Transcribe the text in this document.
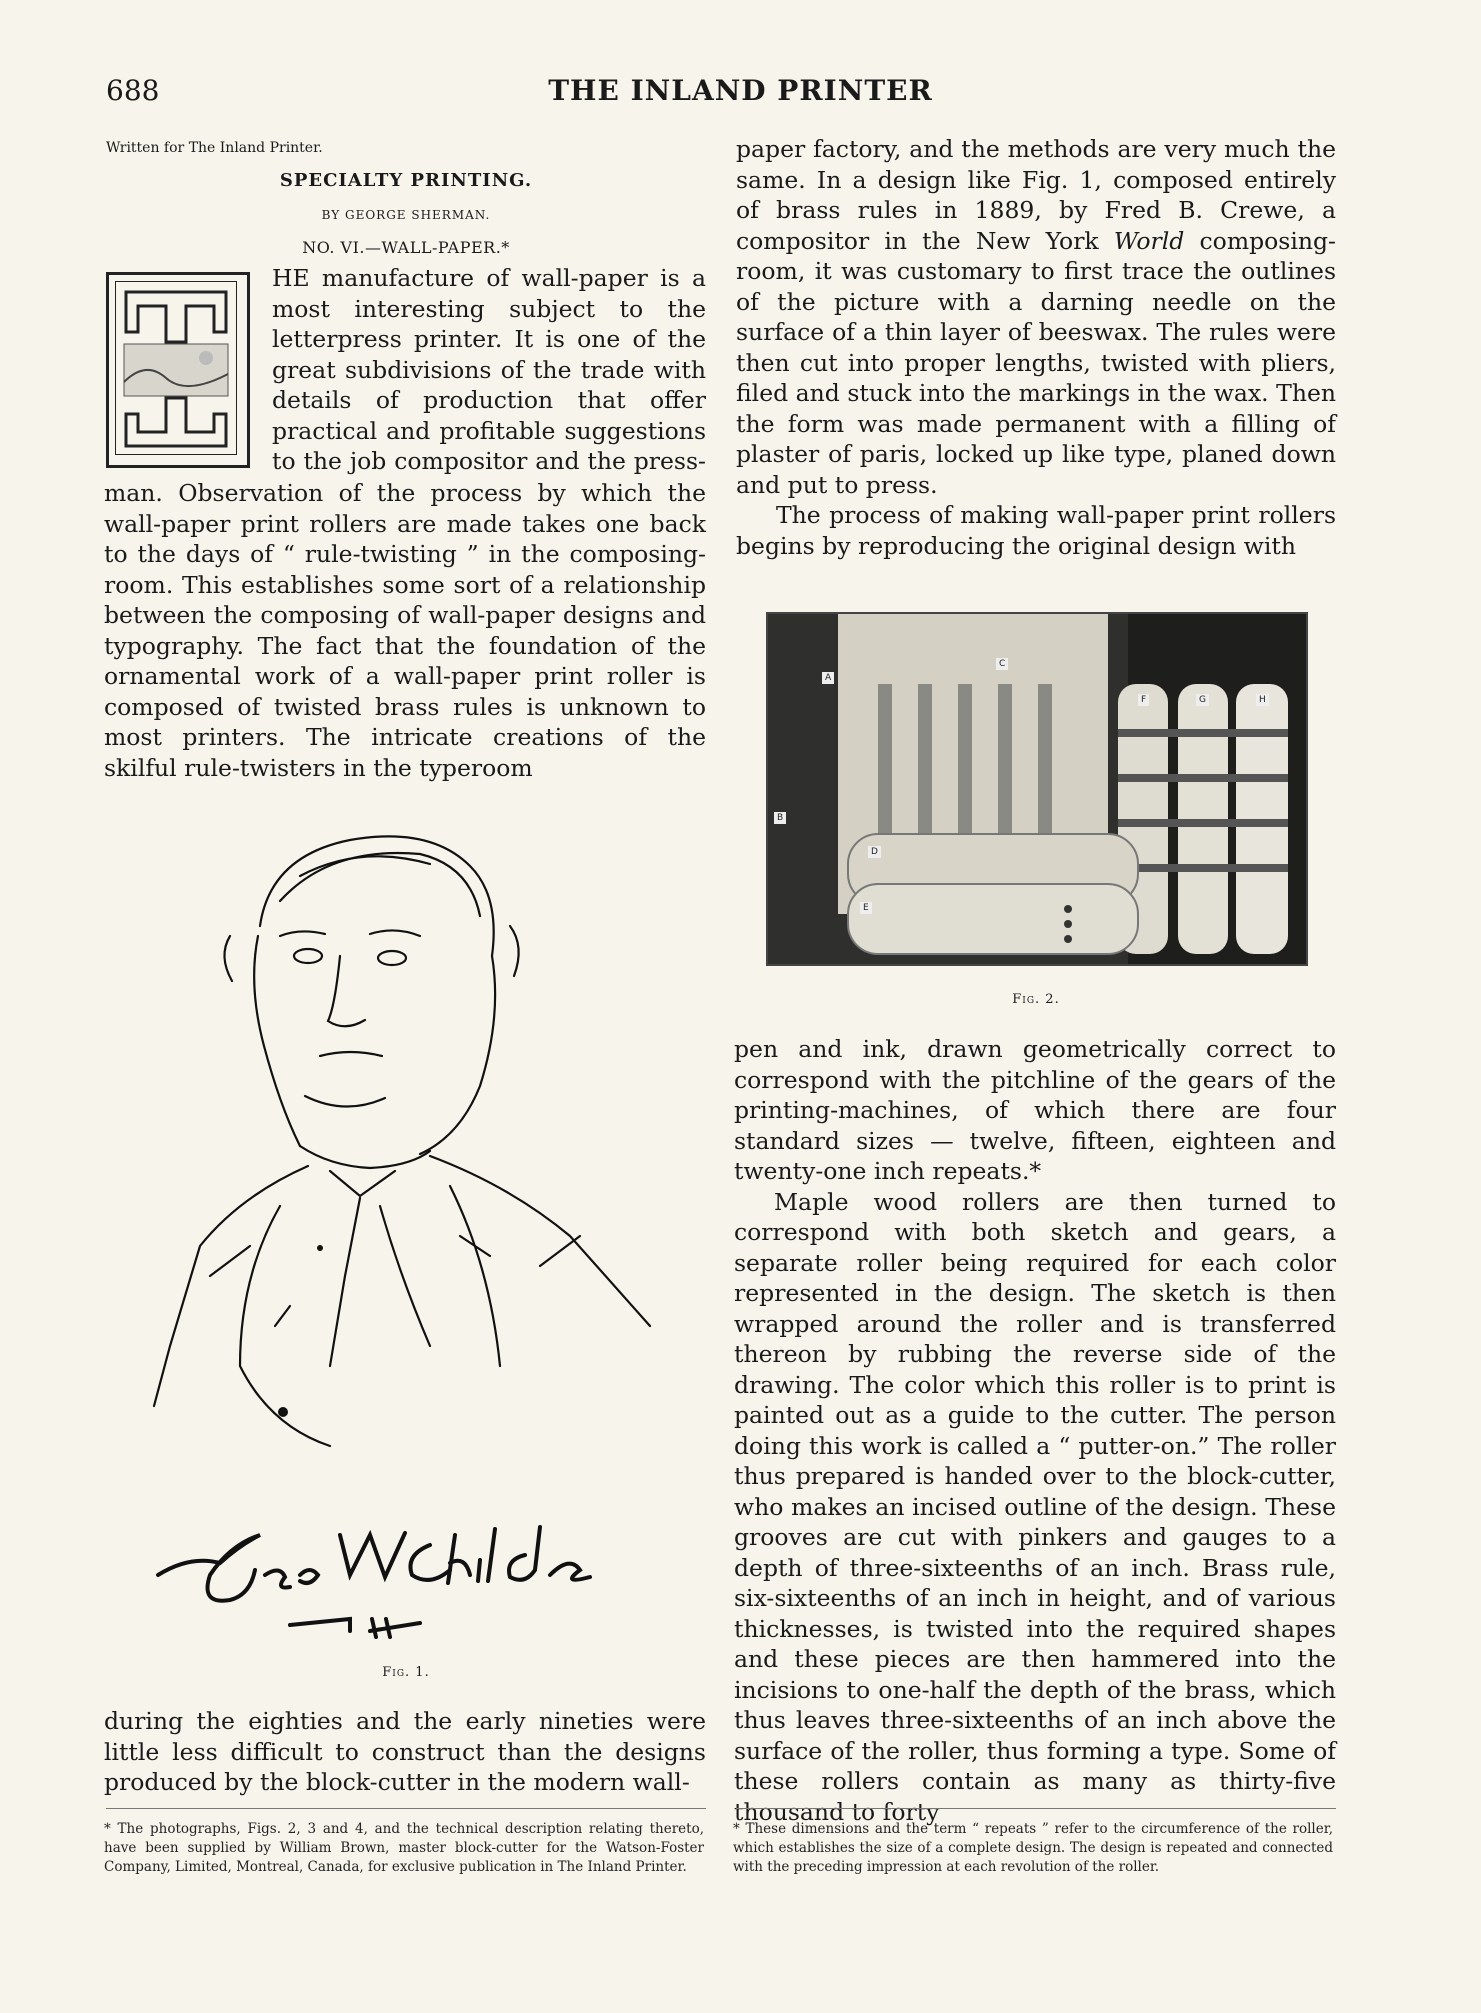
688	THE INLAND PRINTER
Written for The Inland Printer.
SPECIALTY PRINTING.
BY GEORGE SHERMAN.
NO. VI.—WALL-PAPER.*

HE manufacture of wall-paper is a most interesting subject to the letterpress printer. It is one of the great subdivisions of the trade with details of production that offer practical and profitable suggestions to the job compositor and the press-

man. Observation of the process by which the wall-paper print rollers are made takes one back to the days of “ rule-twisting ” in the composing-room. This establishes some sort of a relationship between the composing of wall-paper designs and typography. The fact that the foundation of the ornamental work of a wall-paper print roller is composed of twisted brass rules is unknown to most printers. The intricate creations of the skilful rule-twisters in the typeroom

Fig. 1.

during the eighties and the early nineties were little less difficult to construct than the designs produced by the block-cutter in the modern wall-

paper factory, and the methods are very much the same. In a design like Fig. 1, composed entirely of brass rules in 1889, by Fred B. Crewe, a compositor in the New York World composing-room, it was customary to first trace the outlines of the picture with a darning needle on the surface of a thin layer of beeswax. The rules were then cut into proper lengths, twisted with pliers, filed and stuck into the markings in the wax. Then the form was made permanent with a filling of plaster of paris, locked up like type, planed down and put to press.

The process of making wall-paper print rollers begins by reproducing the original design with

A
B
C
D
E
F	G	H
Fig. 2.

pen and ink, drawn geometrically correct to correspond with the pitchline of the gears of the printing-machines, of which there are four standard sizes — twelve, fifteen, eighteen and twenty-one inch repeats.*

Maple wood rollers are then turned to correspond with both sketch and gears, a separate roller being required for each color represented in the design. The sketch is then wrapped around the roller and is transferred thereon by rubbing the reverse side of the drawing. The color which this roller is to print is painted out as a guide to the cutter. The person doing this work is called a “ putter-on.” The roller thus prepared is handed over to the block-cutter, who makes an incised outline of the design. These grooves are cut with pinkers and gauges to a depth of three-sixteenths of an inch. Brass rule, six-sixteenths of an inch in height, and of various thicknesses, is twisted into the required shapes and these pieces are then hammered into the incisions to one-half the depth of the brass, which thus leaves three-sixteenths of an inch above the surface of the roller, thus forming a type. Some of these rollers contain as many as thirty-five thousand to forty

* The photographs, Figs. 2, 3 and 4, and the technical description relating thereto, have been supplied by William Brown, master block-cutter for the Watson-Foster Company, Limited, Montreal, Canada, for exclusive publication in The Inland Printer.
* These dimensions and the term “ repeats ” refer to the circumference of the roller, which establishes the size of a complete design. The design is repeated and connected with the preceding impression at each revolution of the roller.
